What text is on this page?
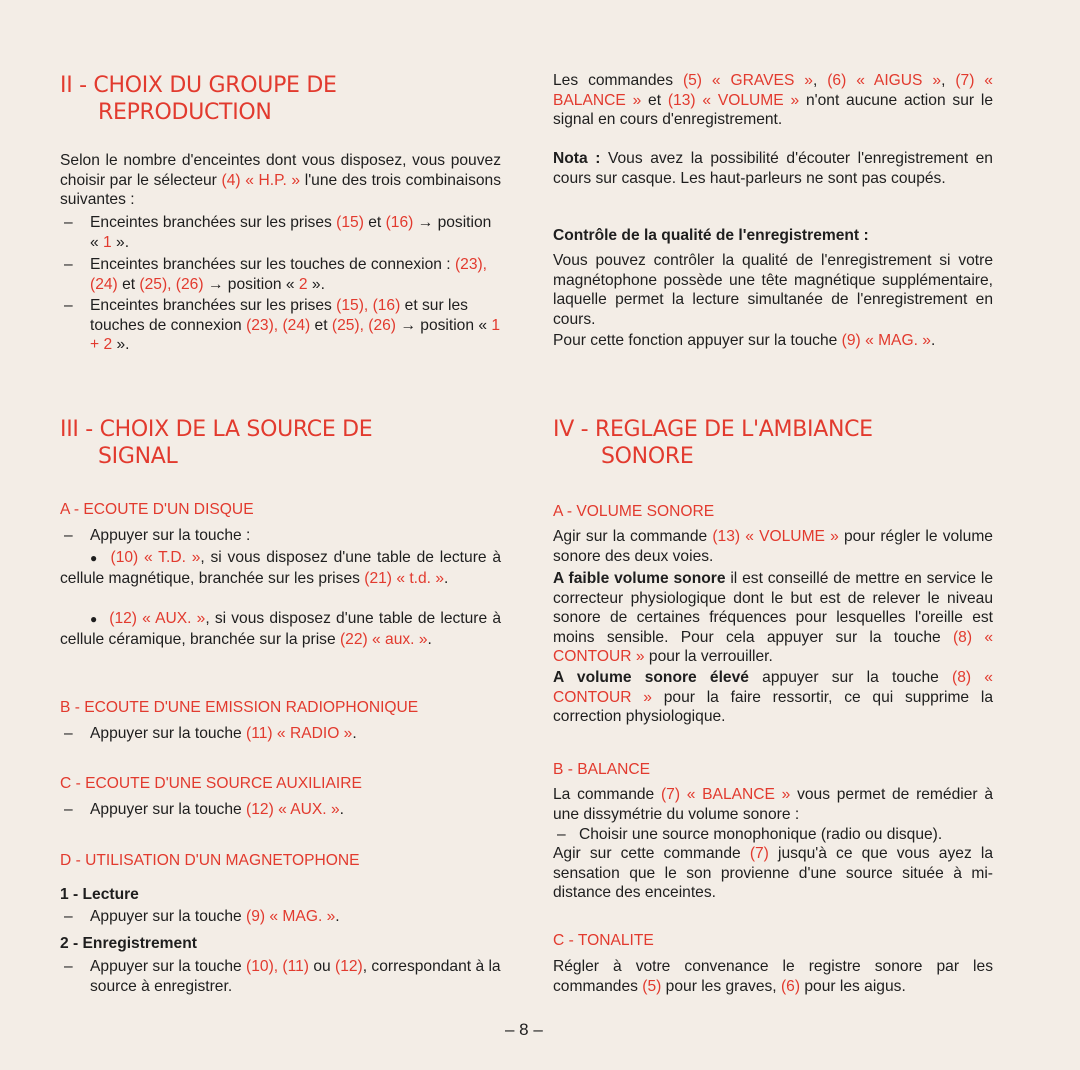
II - CHOIX DU GROUPE DE
REPRODUCTION

Selon le nombre d'enceintes dont vous disposez, vous pouvez choisir par le sélecteur (4) « H.P. » l'une des trois combinaisons suivantes :

– Enceintes branchées sur les prises (15) et (16) → position « 1 ».

– Enceintes branchées sur les touches de connexion : (23), (24) et (25), (26) → position « 2 ».

– Enceintes branchées sur les prises (15), (16) et sur les touches de connexion (23), (24) et (25), (26) → position « 1 + 2 ».

III - CHOIX DE LA SOURCE DE
SIGNAL
A - ECOUTE D'UN DISQUE

– Appuyer sur la touche :

● (10) « T.D. », si vous disposez d'une table de lecture à cellule magnétique, branchée sur les prises (21) « t.d. ».

● (12) « AUX. », si vous disposez d'une table de lecture à cellule céramique, branchée sur la prise (22) « aux. ».

B - ECOUTE D'UNE EMISSION RADIOPHONIQUE

– Appuyer sur la touche (11) « RADIO ».

C - ECOUTE D'UNE SOURCE AUXILIAIRE

– Appuyer sur la touche (12) « AUX. ».

D - UTILISATION D'UN MAGNETOPHONE

1 - Lecture

– Appuyer sur la touche (9) « MAG. ».

2 - Enregistrement

– Appuyer sur la touche (10), (11) ou (12), correspondant à la source à enregistrer.

Les commandes (5) « GRAVES », (6) « AIGUS », (7) « BALANCE » et (13) « VOLUME » n'ont aucune action sur le signal en cours d'enregistrement.

Nota : Vous avez la possibilité d'écouter l'enregistrement en cours sur casque. Les haut-parleurs ne sont pas coupés.

Contrôle de la qualité de l'enregistrement :

Vous pouvez contrôler la qualité de l'enregistrement si votre magnétophone possède une tête magnétique supplémentaire, laquelle permet la lecture simultanée de l'enregistrement en cours.

Pour cette fonction appuyer sur la touche (9) « MAG. ».

IV - REGLAGE DE L'AMBIANCE
SONORE
A - VOLUME SONORE

Agir sur la commande (13) « VOLUME » pour régler le volume sonore des deux voies.

A faible volume sonore il est conseillé de mettre en service le correcteur physiologique dont le but est de relever le niveau sonore de certaines fréquences pour lesquelles l'oreille est moins sensible. Pour cela appuyer sur la touche (8) « CONTOUR » pour la verrouiller.

A volume sonore élevé appuyer sur la touche (8) « CONTOUR » pour la faire ressortir, ce qui supprime la correction physiologique.

B - BALANCE

La commande (7) « BALANCE » vous permet de remédier à une dissymétrie du volume sonore :

– Choisir une source monophonique (radio ou disque).

Agir sur cette commande (7) jusqu'à ce que vous ayez la sensation que le son provienne d'une source située à mi-distance des enceintes.

C - TONALITE

Régler à votre convenance le registre sonore par les commandes (5) pour les graves, (6) pour les aigus.

– 8 –
